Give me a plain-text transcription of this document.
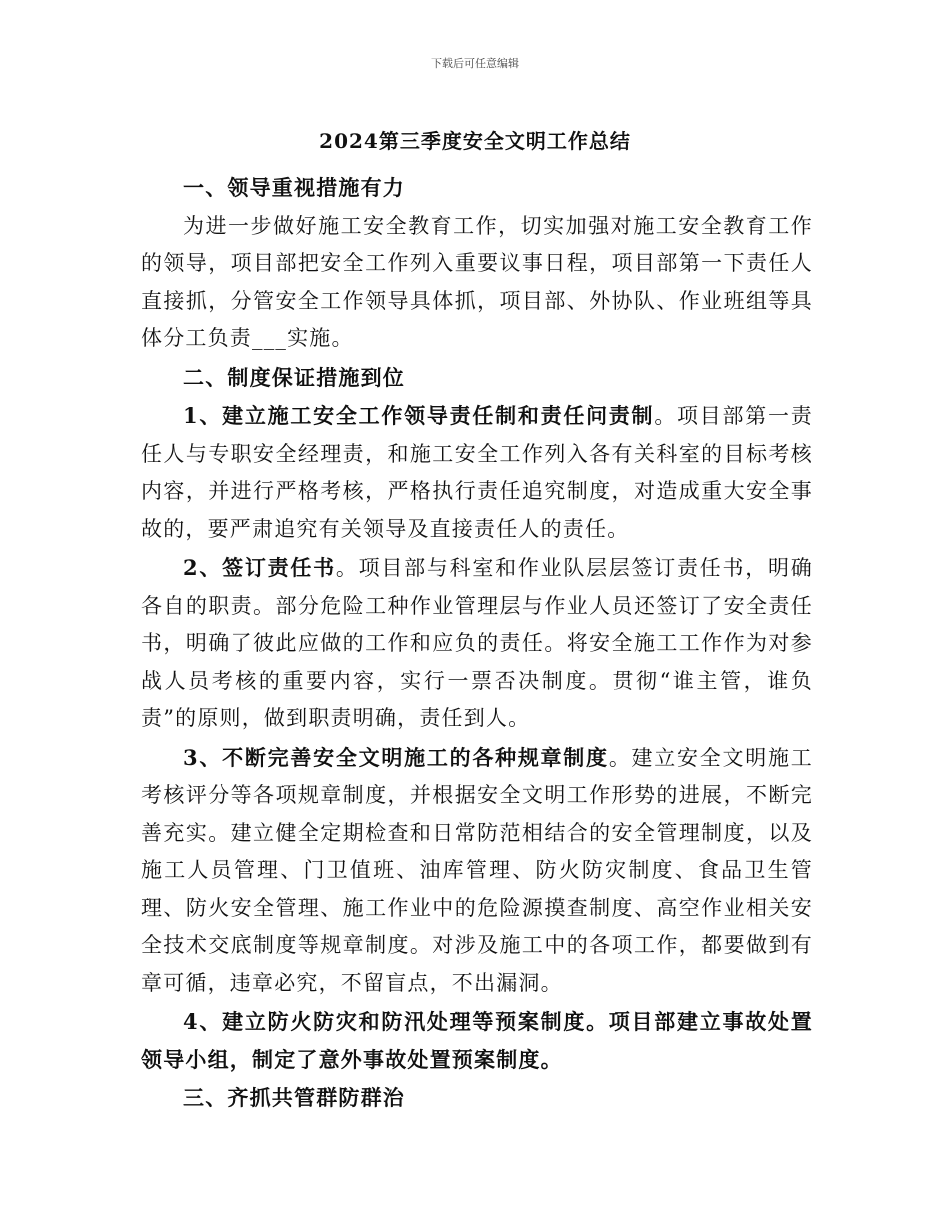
下载后可任意编辑
2024第三季度安全文明工作总结

一、领导重视措施有力

为进一步做好施工安全教育工作，切实加强对施工安全教育工作的领导，项目部把安全工作列入重要议事日程，项目部第一下责任人直接抓，分管安全工作领导具体抓，项目部、外协队、作业班组等具体分工负责___实施。

二、制度保证措施到位

1、建立施工安全工作领导责任制和责任问责制。项目部第一责任人与专职安全经理责，和施工安全工作列入各有关科室的目标考核内容，并进行严格考核，严格执行责任追究制度，对造成重大安全事故的，要严肃追究有关领导及直接责任人的责任。

2、签订责任书。项目部与科室和作业队层层签订责任书，明确各自的职责。部分危险工种作业管理层与作业人员还签订了安全责任书，明确了彼此应做的工作和应负的责任。将安全施工工作作为对参战人员考核的重要内容，实行一票否决制度。贯彻“谁主管，谁负责”的原则，做到职责明确，责任到人。

3、不断完善安全文明施工的各种规章制度。建立安全文明施工考核评分等各项规章制度，并根据安全文明工作形势的进展，不断完善充实。建立健全定期检查和日常防范相结合的安全管理制度，以及施工人员管理、门卫值班、油库管理、防火防灾制度、食品卫生管理、防火安全管理、施工作业中的危险源摸查制度、高空作业相关安全技术交底制度等规章制度。对涉及施工中的各项工作，都要做到有章可循，违章必究，不留盲点，不出漏洞。

4、建立防火防灾和防汛处理等预案制度。项目部建立事故处置领导小组，制定了意外事故处置预案制度。

三、齐抓共管群防群治
